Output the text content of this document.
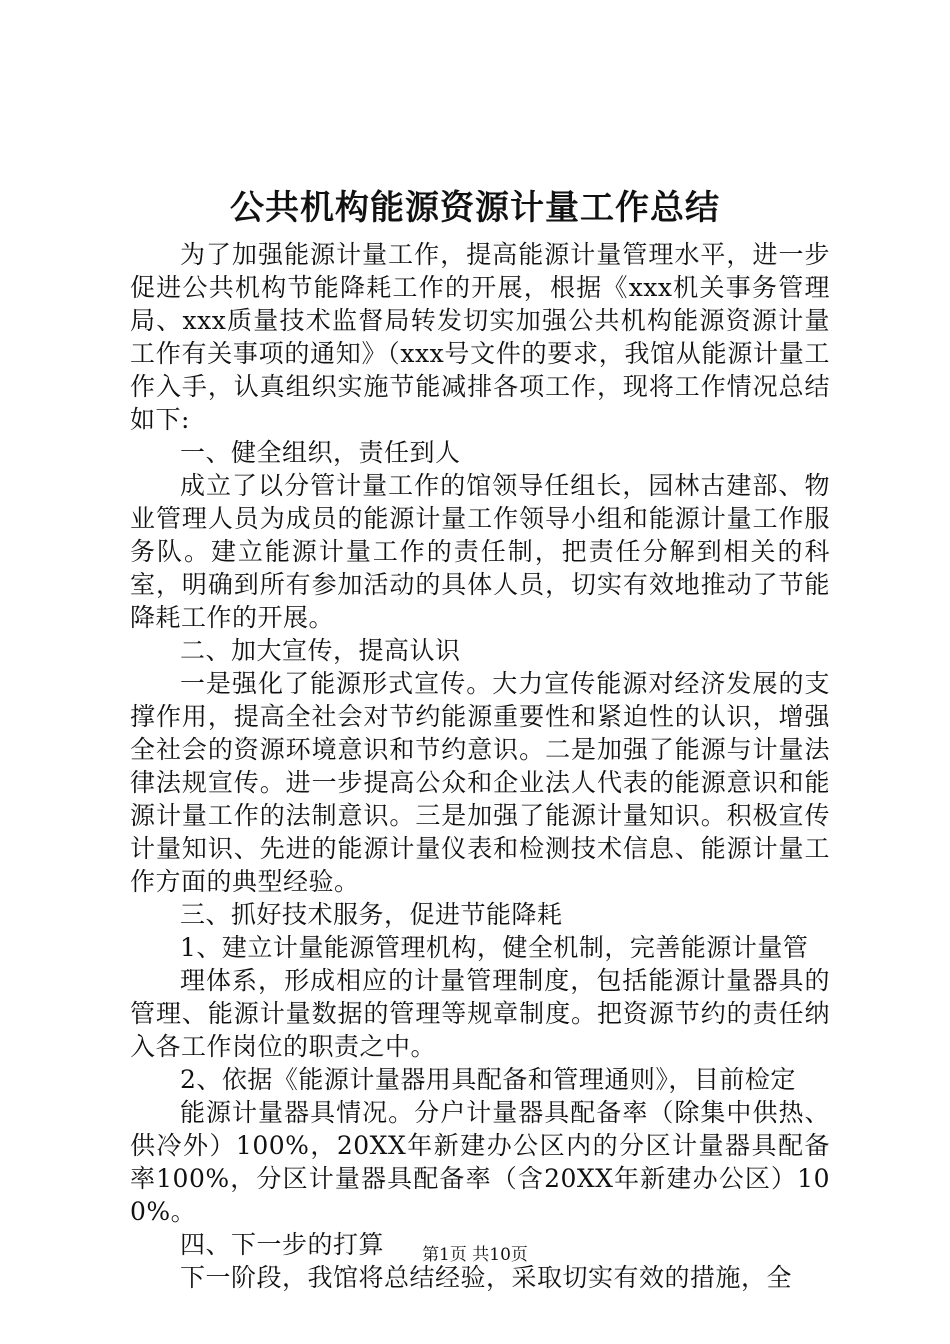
公共机构能源资源计量工作总结

为了加强能源计量工作，提高能源计量管理水平，进一步促进公共机构节能降耗工作的开展，根据《xxx机关事务管理局、xxx质量技术监督局转发切实加强公共机构能源资源计量工作有关事项的通知》（xxx号文件的要求，我馆从能源计量工作入手，认真组织实施节能减排各项工作，现将工作情况总结如下:

一、健全组织，责任到人

成立了以分管计量工作的馆领导任组长，园林古建部、物业管理人员为成员的能源计量工作领导小组和能源计量工作服务队。建立能源计量工作的责任制，把责任分解到相关的科室，明确到所有参加活动的具体人员，切实有效地推动了节能降耗工作的开展。

二、加大宣传，提高认识

一是强化了能源形式宣传。大力宣传能源对经济发展的支撑作用，提高全社会对节约能源重要性和紧迫性的认识，增强全社会的资源环境意识和节约意识。二是加强了能源与计量法律法规宣传。进一步提高公众和企业法人代表的能源意识和能源计量工作的法制意识。三是加强了能源计量知识。积极宣传计量知识、先进的能源计量仪表和检测技术信息、能源计量工作方面的典型经验。

三、抓好技术服务，促进节能降耗

1、建立计量能源管理机构，健全机制，完善能源计量管

理体系，形成相应的计量管理制度，包括能源计量器具的管理、能源计量数据的管理等规章制度。把资源节约的责任纳入各工作岗位的职责之中。

2、依据《能源计量器用具配备和管理通则》，目前检定

能源计量器具情况。分户计量器具配备率（除集中供热、供冷外）100%，20XX年新建办公区内的分区计量器具配备率100%，分区计量器具配备率（含20XX年新建办公区）100%。

四、下一步的打算

下一阶段，我馆将总结经验，采取切实有效的措施，全

第1页 共10页
